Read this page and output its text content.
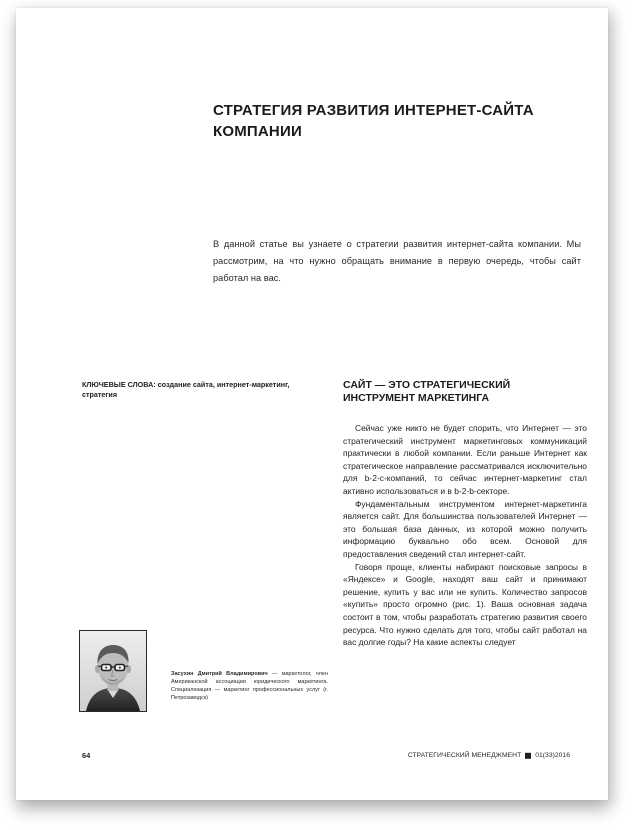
СТРАТЕГИЯ РАЗВИТИЯ ИНТЕРНЕТ-САЙТА
КОМПАНИИ

В данной статье вы узнаете о стратегии развития интернет-сайта компании. Мы рассмотрим, на что нужно обращать внимание в первую очередь, чтобы сайт работал на вас.

КЛЮЧЕВЫЕ СЛОВА: создание сайта, интернет-маркетинг, стратегия

САЙТ — ЭТО СТРАТЕГИЧЕСКИЙ
ИНСТРУМЕНТ МАРКЕТИНГА

Сейчас уже никто не будет спорить, что Интернет — это стратегический инструмент маркетинговых коммуникаций практически в любой компании. Если раньше Интернет как стратегическое направление рассматривался исключительно для b-2-c-компаний, то сейчас интернет-маркетинг стал активно использоваться и в b-2-b-секторе.

Фундаментальным инструментом интернет-маркетинга является сайт. Для большинства пользователей Интернет — это большая база данных, из которой можно получить информацию буквально обо всем. Основой для предоставления сведений стал интернет-сайт.

Говоря проще, клиенты набирают поисковые запросы в «Яндексе» и Google, находят ваш сайт и принимают решение, купить у вас или не купить. Количество запросов «купить» просто огромно (рис. 1). Ваша основная задача состоит в том, чтобы разработать стратегию развития своего ресурса. Что нужно сделать для того, чтобы сайт работал на вас долгие годы? На какие аспекты следует

Засухин Дмитрий Владимирович — маркетолог, член Американской ассоциации юридического маркетинга. Специализация — маркетинг профессиональных услуг (г. Петрозаводск)

64	СТРАТЕГИЧЕСКИЙ МЕНЕДЖМЕНТ 01(33)2016
